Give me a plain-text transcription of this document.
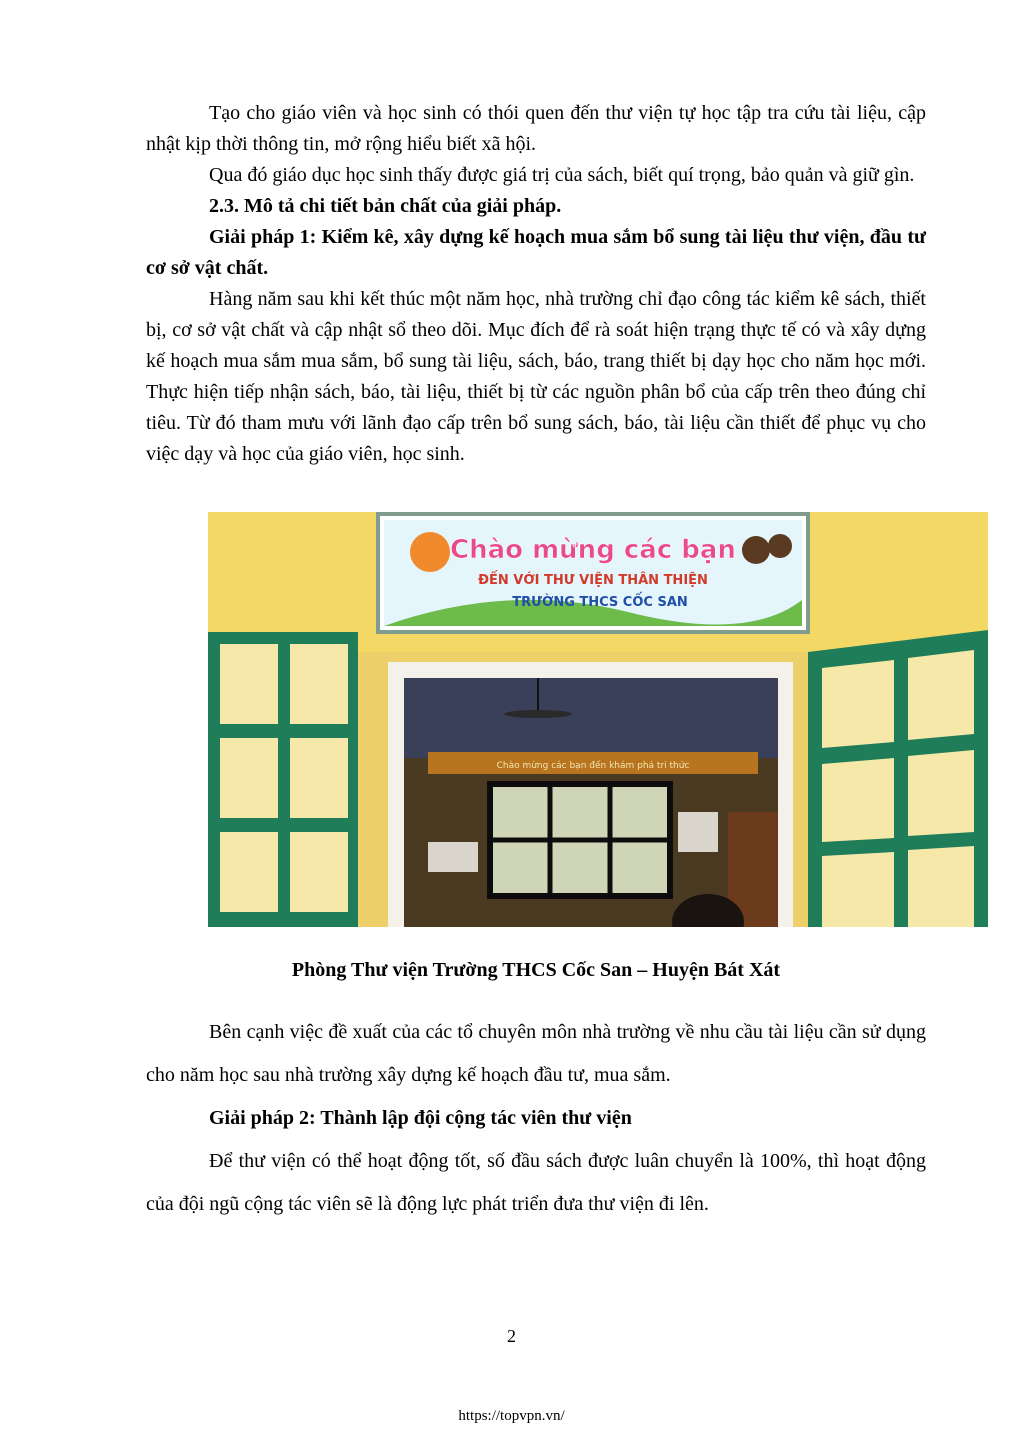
Tạo cho giáo viên và học sinh có thói quen đến thư viện tự học tập tra cứu tài liệu, cập nhật kịp thời thông tin, mở rộng hiểu biết xã hội.

Qua đó giáo dục học sinh thấy được giá trị của sách, biết quí trọng, bảo quản và giữ gìn.

2.3. Mô tả chi tiết bản chất của giải pháp.

Giải pháp 1: Kiểm kê, xây dựng kế hoạch mua sắm bổ sung tài liệu thư viện, đầu tư cơ sở vật chất.

Hàng năm sau khi kết thúc một năm học, nhà trường chỉ đạo công tác kiểm kê sách, thiết bị, cơ sở vật chất và cập nhật sổ theo dõi. Mục đích để rà soát hiện trạng thực tế có và xây dựng kế hoạch mua sắm mua sắm, bổ sung tài liệu, sách, báo, trang thiết bị dạy học cho năm học mới. Thực hiện tiếp nhận sách, báo, tài liệu, thiết bị từ các nguồn phân bổ của cấp trên theo đúng chỉ tiêu. Từ đó tham mưu với lãnh đạo cấp trên bổ sung sách, báo, tài liệu cần thiết để phục vụ cho việc dạy và học của giáo viên, học sinh.

Chào mừng các bạn
ĐẾN VỚI THƯ VIỆN THÂN THIỆN
TRƯỜNG THCS CỐC SAN
Chào mừng các bạn đến khám phá tri thức
Phòng Thư viện Trường THCS Cốc San – Huyện Bát Xát

Bên cạnh việc đề xuất của các tổ chuyên môn nhà trường về nhu cầu tài liệu cần sử dụng cho năm học sau nhà trường xây dựng kế hoạch đầu tư, mua sắm.

Giải pháp 2: Thành lập đội cộng tác viên thư viện

Để thư viện có thể hoạt động tốt, số đầu sách được luân chuyển là 100%, thì hoạt động của đội ngũ cộng tác viên sẽ là động lực phát triển đưa thư viện đi lên.

2
https://topvpn.vn/
